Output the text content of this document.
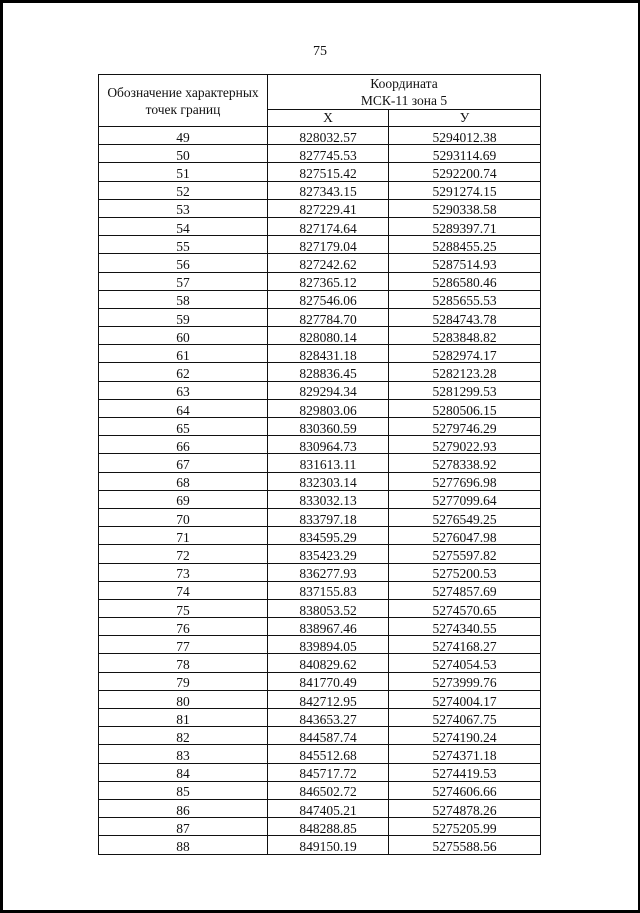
75
Обозначение характерных точек границ	Координата
МСК-11 зона 5	
	Х	У
49	828032.57	5294012.38
50	827745.53	5293114.69
51	827515.42	5292200.74
52	827343.15	5291274.15
53	827229.41	5290338.58
54	827174.64	5289397.71
55	827179.04	5288455.25
56	827242.62	5287514.93
57	827365.12	5286580.46
58	827546.06	5285655.53
59	827784.70	5284743.78
60	828080.14	5283848.82
61	828431.18	5282974.17
62	828836.45	5282123.28
63	829294.34	5281299.53
64	829803.06	5280506.15
65	830360.59	5279746.29
66	830964.73	5279022.93
67	831613.11	5278338.92
68	832303.14	5277696.98
69	833032.13	5277099.64
70	833797.18	5276549.25
71	834595.29	5276047.98
72	835423.29	5275597.82
73	836277.93	5275200.53
74	837155.83	5274857.69
75	838053.52	5274570.65
76	838967.46	5274340.55
77	839894.05	5274168.27
78	840829.62	5274054.53
79	841770.49	5273999.76
80	842712.95	5274004.17
81	843653.27	5274067.75
82	844587.74	5274190.24
83	845512.68	5274371.18
84	845717.72	5274419.53
85	846502.72	5274606.66
86	847405.21	5274878.26
87	848288.85	5275205.99
88	849150.19	5275588.56
